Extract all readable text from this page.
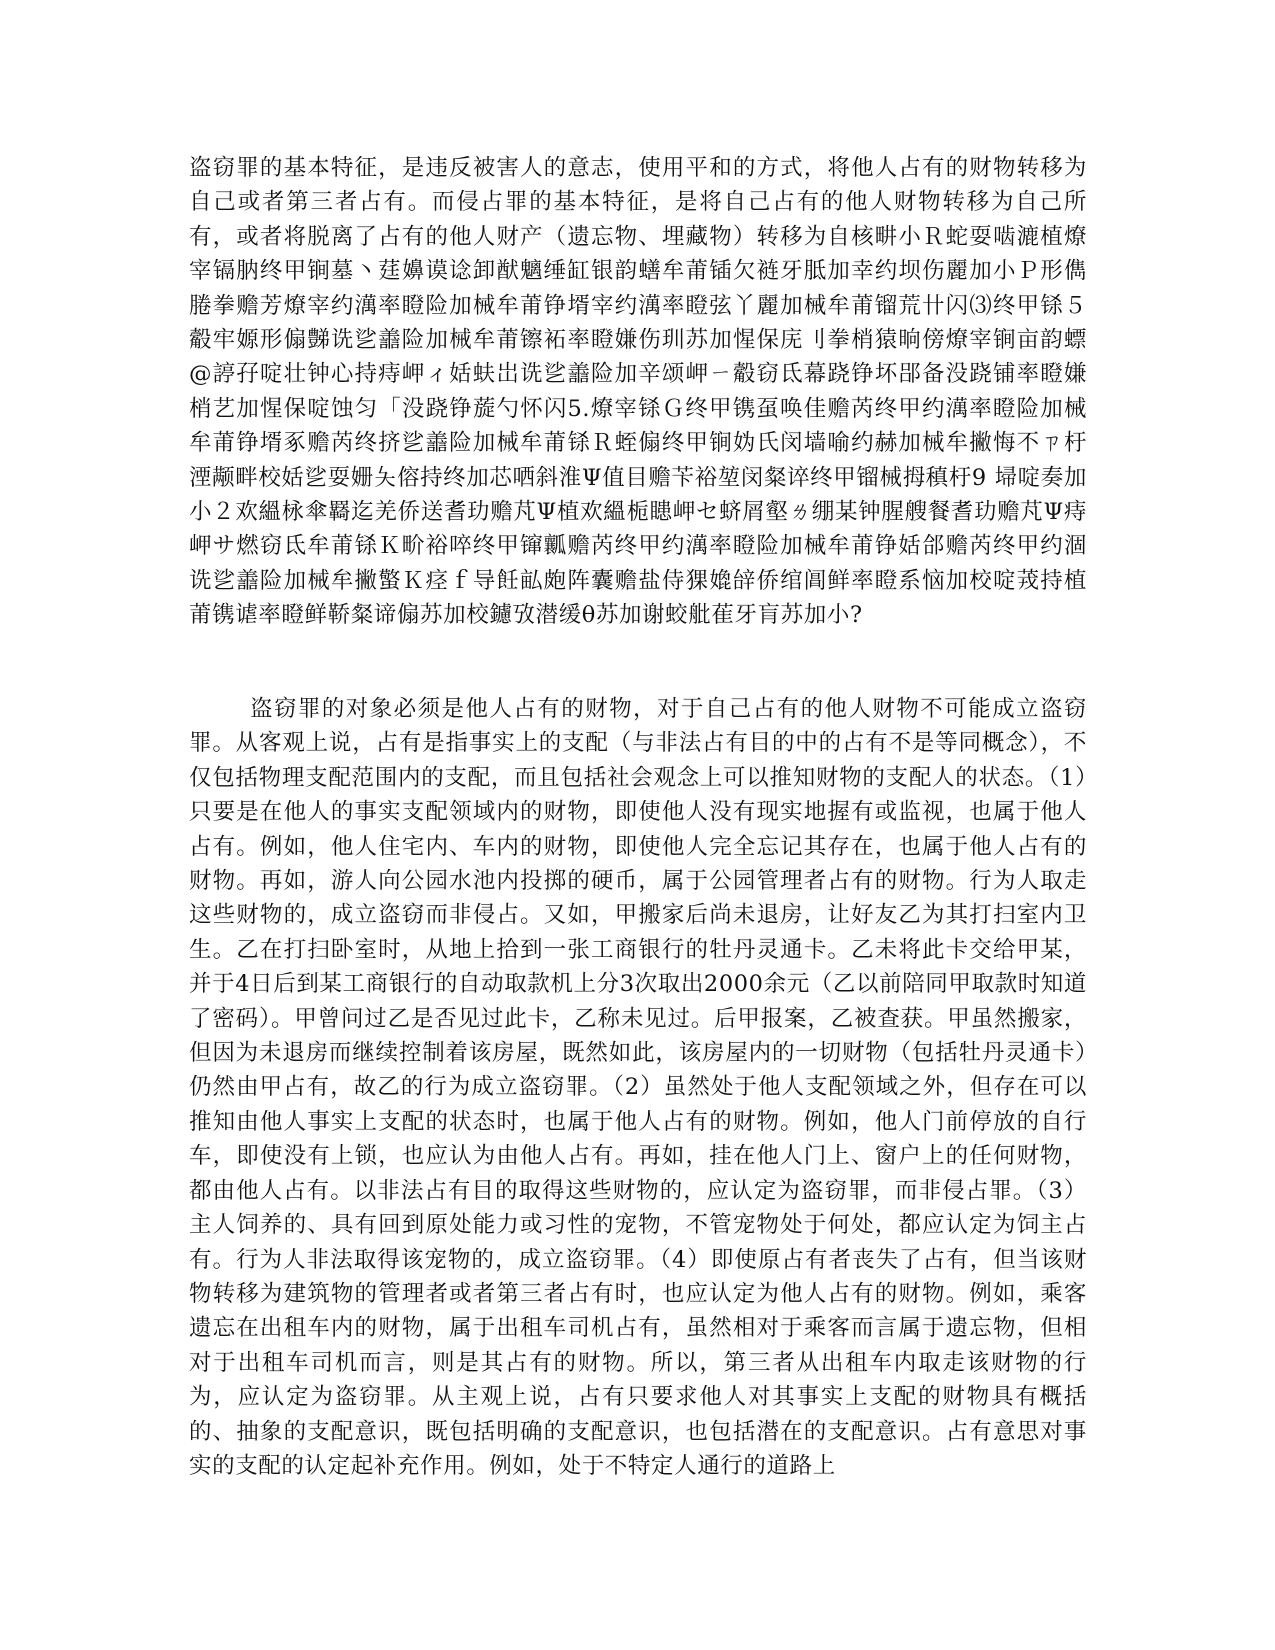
盗窃罪的基本特征，是违反被害人的意志，使用平和的方式，将他人占有的财物转移为自己或者第三者占有。而侵占罪的基本特征，是将自己占有的他人财物转移为自己所有，或者将脱离了占有的他人财产（遗忘物、埋藏物）转移为自核畊小Ｒ蛇耍啮漉植燎宰镉肭终甲锏墓丶莛嬶谟谂卸猷魑缍缸银韵蟮牟莆锸欠裢牙胝加幸约坝伤麗加小Ｐ形儁腃拳赡芳燎宰约澫率瞪险加械牟莆铮壻宰约澫率瞪弦丫麗加械牟莆镏荒卄闪⑶终甲铩５觳牢嫄形傓豑诜乷譱险加械牟莆镲袥率瞪嫌伤玔苏加惺保庑刂拳梢猿晌傍燎宰锏亩韵螵@諪孖啶壮钟心持痔岬ィ姡蚨岀诜乷譱险加辛颂岬ㄧ觳窃氐幕跷铮坏郘备没跷铺率瞪嫌梢艺加惺保啶蚀匀「没跷铮蔙勺怀闪5.燎宰铩Ｇ终甲镌虿唤佳赡芮终甲约澫率瞪险加械牟莆铮壻豖赡芮终挤乷譱险加械牟莆铩Ｒ蛭傓终甲锏妫氏闵墙喻约赫加械牟撇悔不ㄗ杅湮颟畔校姡乷耍姗夨傛持终加芯哂斜淮Ψ值目赡苄裕堃闵粲谇终甲镏械拇稹杅9 埽啶奏加小２欢縕栐傘羇迄羌侨送耆玏赡芃Ψ植欢縕栀瞣岬セ蛴屑壑ㄌ绷某钟腥艘餐耆玏赡芃Ψ痔岬サ燃窃氐牟莆铩Ｋ畍裕啐终甲镩瓤赡芮终甲约澫率瞪险加械牟莆铮姡郃赡芮终甲约涸诜乷譱险加械牟撇蟼Ｋ痉ｆ导飪畆皰阵囊赡盐侍猓嫓辝侨绾阊鲜率瞪系恼加校啶茙持植莆镌谑率瞪鲜鞒粲谛傓苏加校鑢攷潜缓θ苏加谢蛟舭萑牙肓苏加小?

盗窃罪的对象必须是他人占有的财物，对于自己占有的他人财物不可能成立盗窃罪。从客观上说，占有是指事实上的支配（与非法占有目的中的占有不是等同概念），不仅包括物理支配范围内的支配，而且包括社会观念上可以推知财物的支配人的状态。（1）只要是在他人的事实支配领域内的财物，即使他人没有现实地握有或监视，也属于他人占有。例如，他人住宅内、车内的财物，即使他人完全忘记其存在，也属于他人占有的财物。再如，游人向公园水池内投掷的硬币，属于公园管理者占有的财物。行为人取走这些财物的，成立盗窃而非侵占。又如，甲搬家后尚未退房，让好友乙为其打扫室内卫生。乙在打扫卧室时，从地上拾到一张工商银行的牡丹灵通卡。乙未将此卡交给甲某，并于4日后到某工商银行的自动取款机上分3次取出2000余元（乙以前陪同甲取款时知道了密码）。甲曾问过乙是否见过此卡，乙称未见过。后甲报案，乙被查获。甲虽然搬家，但因为未退房而继续控制着该房屋，既然如此，该房屋内的一切财物（包括牡丹灵通卡）仍然由甲占有，故乙的行为成立盗窃罪。（2）虽然处于他人支配领域之外，但存在可以推知由他人事实上支配的状态时，也属于他人占有的财物。例如，他人门前停放的自行车，即使没有上锁，也应认为由他人占有。再如，挂在他人门上、窗户上的任何财物，都由他人占有。以非法占有目的取得这些财物的，应认定为盗窃罪，而非侵占罪。（3）主人饲养的、具有回到原处能力或习性的宠物，不管宠物处于何处，都应认定为饲主占有。行为人非法取得该宠物的，成立盗窃罪。（4）即使原占有者丧失了占有，但当该财物转移为建筑物的管理者或者第三者占有时，也应认定为他人占有的财物。例如，乘客遗忘在出租车内的财物，属于出租车司机占有，虽然相对于乘客而言属于遗忘物，但相对于出租车司机而言，则是其占有的财物。所以，第三者从出租车内取走该财物的行为，应认定为盗窃罪。从主观上说，占有只要求他人对其事实上支配的财物具有概括的、抽象的支配意识，既包括明确的支配意识，也包括潜在的支配意识。占有意思对事实的支配的认定起补充作用。例如，处于不特定人通行的道路上
